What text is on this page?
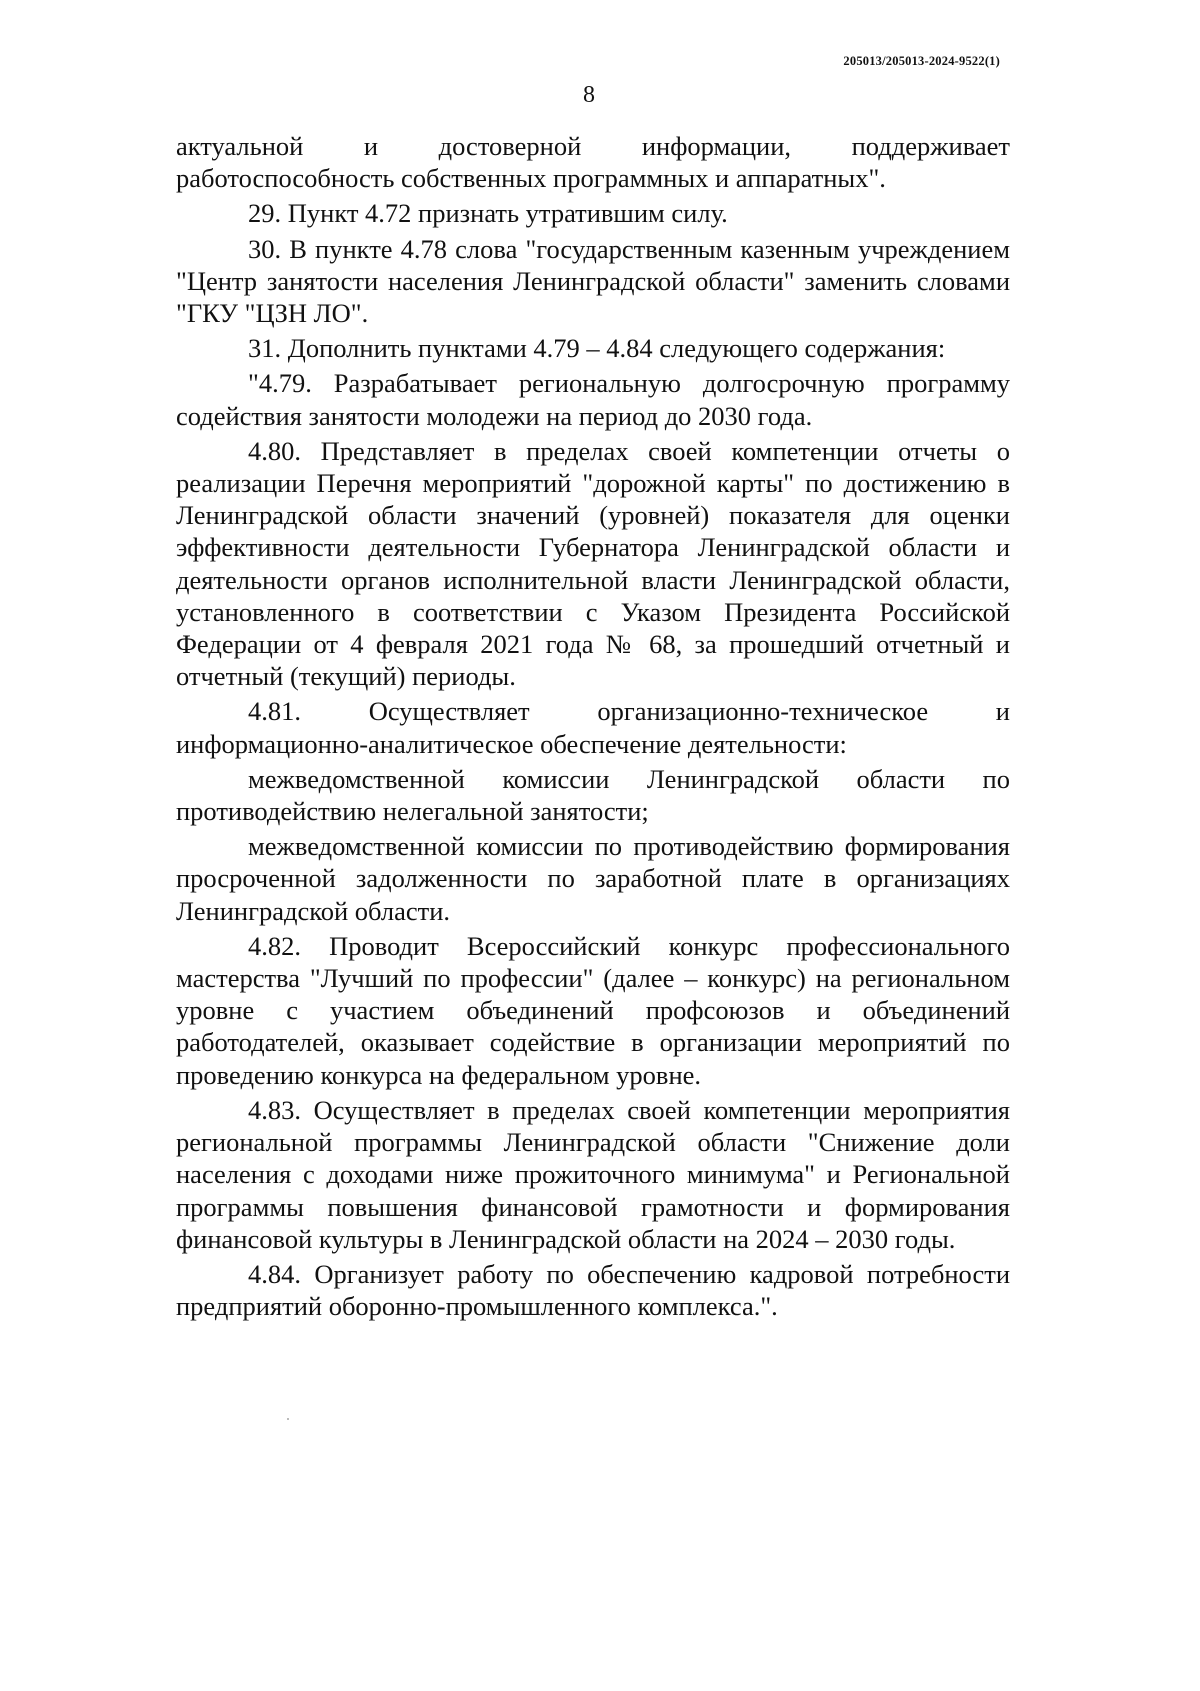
205013/205013-2024-9522(1)
8

актуальной и достоверной информации, поддерживает работоспособность собственных программных и аппаратных".

29. Пункт 4.72 признать утратившим силу.

30. В пункте 4.78 слова "государственным казенным учреждением "Центр занятости населения Ленинградской области" заменить словами "ГКУ "ЦЗН ЛО".

31. Дополнить пунктами 4.79 – 4.84 следующего содержания:

"4.79. Разрабатывает региональную долгосрочную программу содействия занятости молодежи на период до 2030 года.

4.80. Представляет в пределах своей компетенции отчеты о реализации Перечня мероприятий "дорожной карты" по достижению в Ленинградской области значений (уровней) показателя для оценки эффективности деятельности Губернатора Ленинградской области и деятельности органов исполнительной власти Ленинградской области, установленного в соответствии с Указом Президента Российской Федерации от 4 февраля 2021 года № 68, за прошедший отчетный и отчетный (текущий) периоды.

4.81. Осуществляет организационно-техническое и информационно-аналитическое обеспечение деятельности:

межведомственной комиссии Ленинградской области по противодействию нелегальной занятости;

межведомственной комиссии по противодействию формирования просроченной задолженности по заработной плате в организациях Ленинградской области.

4.82. Проводит Всероссийский конкурс профессионального мастерства "Лучший по профессии" (далее – конкурс) на региональном уровне с участием объединений профсоюзов и объединений работодателей, оказывает содействие в организации мероприятий по проведению конкурса на федеральном уровне.

4.83. Осуществляет в пределах своей компетенции мероприятия региональной программы Ленинградской области "Снижение доли населения с доходами ниже прожиточного минимума" и Региональной программы повышения финансовой грамотности и формирования финансовой культуры в Ленинградской области на 2024 – 2030 годы.

4.84. Организует работу по обеспечению кадровой потребности предприятий оборонно-промышленного комплекса.".
